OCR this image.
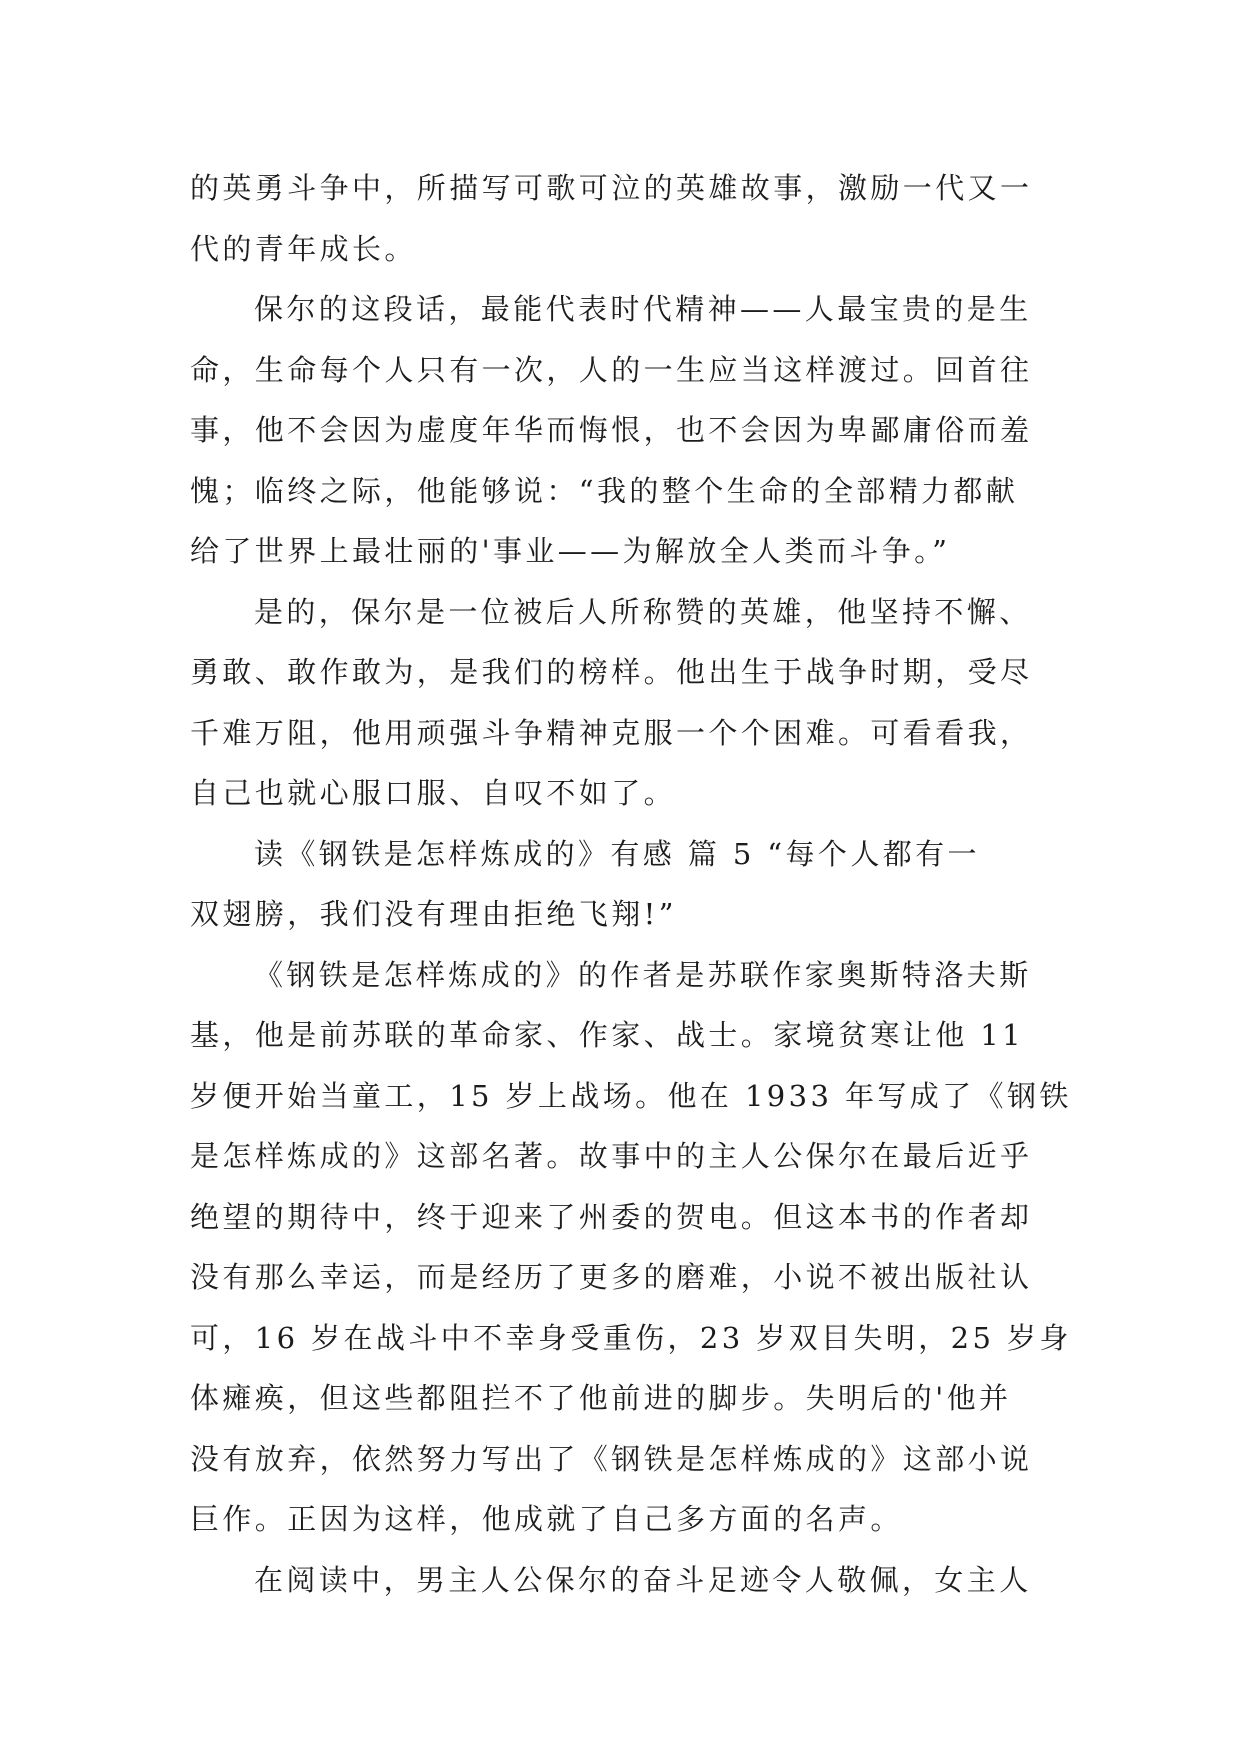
的英勇斗争中，所描写可歌可泣的英雄故事，激励一代又一
代的青年成长。
保尔的这段话，最能代表时代精神——人最宝贵的是生
命，生命每个人只有一次，人的一生应当这样渡过。回首往
事，他不会因为虚度年华而悔恨，也不会因为卑鄙庸俗而羞
愧；临终之际，他能够说：“我的整个生命的全部精力都献
给了世界上最壮丽的'事业——为解放全人类而斗争。”
是的，保尔是一位被后人所称赞的英雄，他坚持不懈、
勇敢、敢作敢为，是我们的榜样。他出生于战争时期，受尽
千难万阻，他用顽强斗争精神克服一个个困难。可看看我，
自己也就心服口服、自叹不如了。
读《钢铁是怎样炼成的》有感 篇 5 “每个人都有一
双翅膀，我们没有理由拒绝飞翔!”
《钢铁是怎样炼成的》的作者是苏联作家奥斯特洛夫斯
基，他是前苏联的革命家、作家、战士。家境贫寒让他 11
岁便开始当童工，15 岁上战场。他在 1933 年写成了《钢铁
是怎样炼成的》这部名著。故事中的主人公保尔在最后近乎
绝望的期待中，终于迎来了州委的贺电。但这本书的作者却
没有那么幸运，而是经历了更多的磨难，小说不被出版社认
可，16 岁在战斗中不幸身受重伤，23 岁双目失明，25 岁身
体瘫痪，但这些都阻拦不了他前进的脚步。失明后的'他并
没有放弃，依然努力写出了《钢铁是怎样炼成的》这部小说
巨作。正因为这样，他成就了自己多方面的名声。
在阅读中，男主人公保尔的奋斗足迹令人敬佩，女主人
